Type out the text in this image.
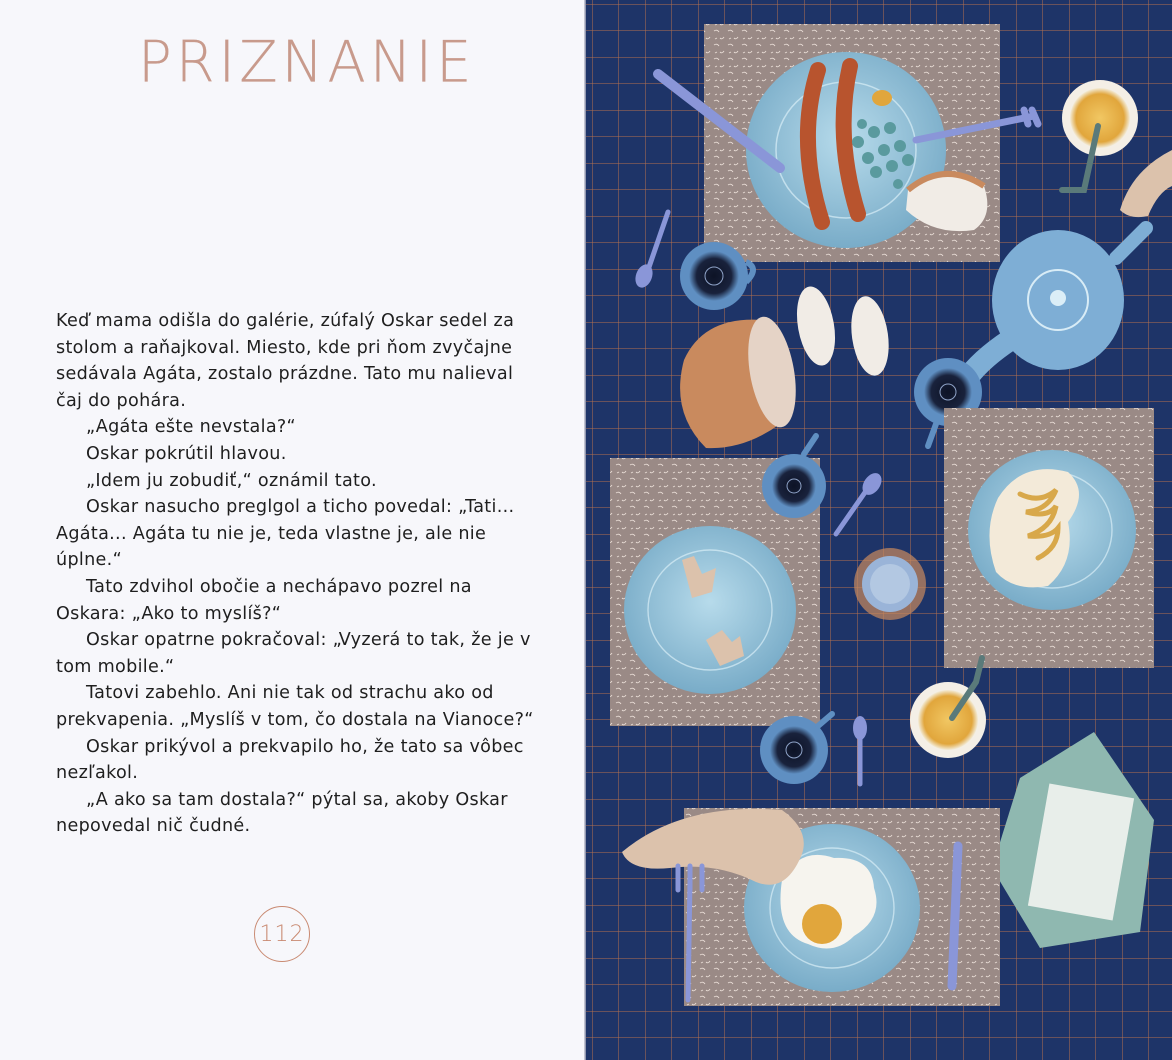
PRIZNANIE

Keď mama odišla do galérie, zúfalý Oskar sedel za stolom a raňajkoval. Miesto, kde pri ňom zvyčajne sedávala Agáta, zostalo prázdne. Tato mu nalieval čaj do pohára.

„Agáta ešte nevstala?“

Oskar pokrútil hlavou.

„Idem ju zobudiť,“ oznámil tato.

Oskar nasucho preglgol a ticho povedal: „Tati... Agáta... Agáta tu nie je, teda vlastne je, ale nie úplne.“

Tato zdvihol obočie a nechápavo pozrel na Oskara: „Ako to myslíš?“

Oskar opatrne pokračoval: „Vyzerá to tak, že je v tom mobile.“

Tatovi zabehlo. Ani nie tak od strachu ako od prekvapenia. „Myslíš v tom, čo dostala na Vianoce?“

Oskar prikývol a prekvapilo ho, že tato sa vôbec nezľakol.

„A ako sa tam dostala?“ pýtal sa, akoby Oskar nepovedal nič čudné.

112
